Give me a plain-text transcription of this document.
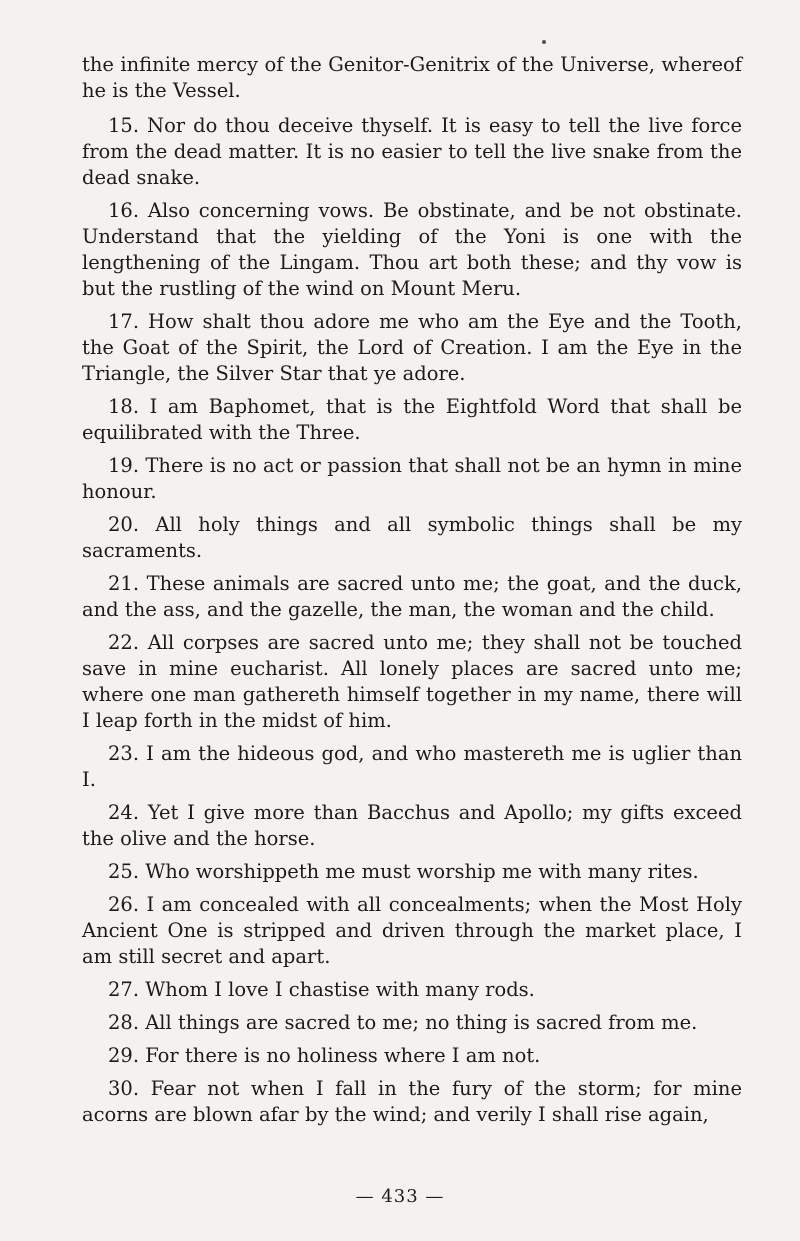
the infinite mercy of the Genitor-Genitrix of the Universe, whereof he is the Vessel.

15. Nor do thou deceive thyself. It is easy to tell the live force from the dead matter. It is no easier to tell the live snake from the dead snake.

16. Also concerning vows. Be obstinate, and be not obstinate. Understand that the yielding of the Yoni is one with the lengthening of the Lingam. Thou art both these; and thy vow is but the rustling of the wind on Mount Meru.

17. How shalt thou adore me who am the Eye and the Tooth, the Goat of the Spirit, the Lord of Creation. I am the Eye in the Triangle, the Silver Star that ye adore.

18. I am Baphomet, that is the Eightfold Word that shall be equilibrated with the Three.

19. There is no act or passion that shall not be an hymn in mine honour.

20. All holy things and all symbolic things shall be my sacraments.

21. These animals are sacred unto me; the goat, and the duck, and the ass, and the gazelle, the man, the woman and the child.

22. All corpses are sacred unto me; they shall not be touched save in mine eucharist. All lonely places are sacred unto me; where one man gathereth himself together in my name, there will I leap forth in the midst of him.

23. I am the hideous god, and who mastereth me is uglier than I.

24. Yet I give more than Bacchus and Apollo; my gifts exceed the olive and the horse.

25. Who worshippeth me must worship me with many rites.

26. I am concealed with all concealments; when the Most Holy Ancient One is stripped and driven through the market place, I am still secret and apart.

27. Whom I love I chastise with many rods.

28. All things are sacred to me; no thing is sacred from me.

29. For there is no holiness where I am not.

30. Fear not when I fall in the fury of the storm; for mine acorns are blown afar by the wind; and verily I shall rise again,

— 433 —
